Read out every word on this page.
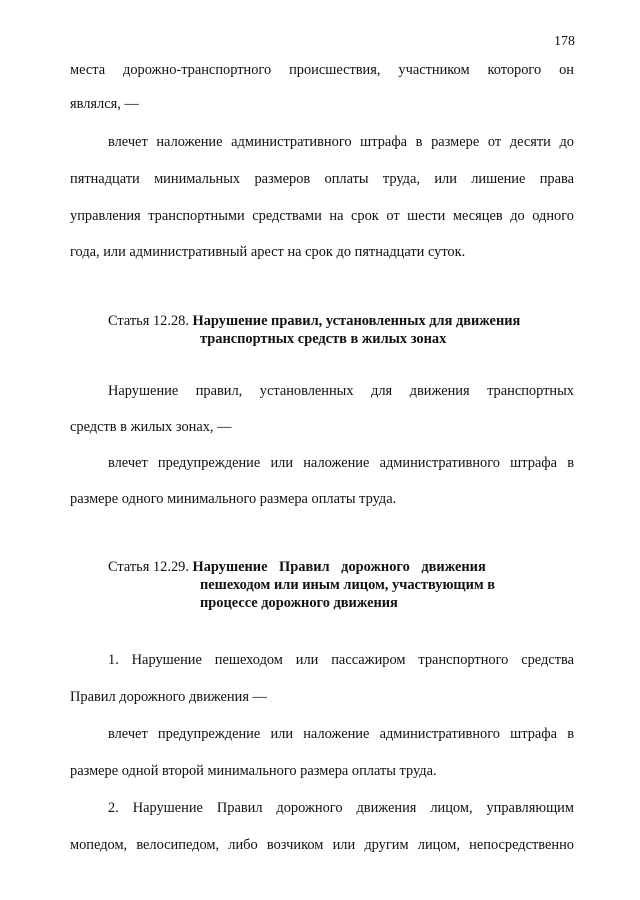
178
места дорожно-транспортного происшествия, участником которого он
являлся, —
влечет наложение административного штрафа в размере от десяти до
пятнадцати минимальных размеров оплаты труда, или лишение права
управления транспортными средствами на срок от шести месяцев до одного
года, или административный арест на срок до пятнадцати суток.
Статья 12.28. Нарушение правил, установленных для движения
транспортных средств в жилых зонах
Нарушение правил, установленных для движения транспортных
средств в жилых зонах, —
влечет предупреждение или наложение административного штрафа в
размере одного минимального размера оплаты труда.
Статья 12.29. Нарушение Правил дорожного движения
пешеходом или иным лицом, участвующим в
процессе дорожного движения
1. Нарушение пешеходом или пассажиром транспортного средства
Правил дорожного движения —
влечет предупреждение или наложение административного штрафа в
размере одной второй минимального размера оплаты труда.
2. Нарушение Правил дорожного движения лицом, управляющим
мопедом, велосипедом, либо возчиком или другим лицом, непосредственно
